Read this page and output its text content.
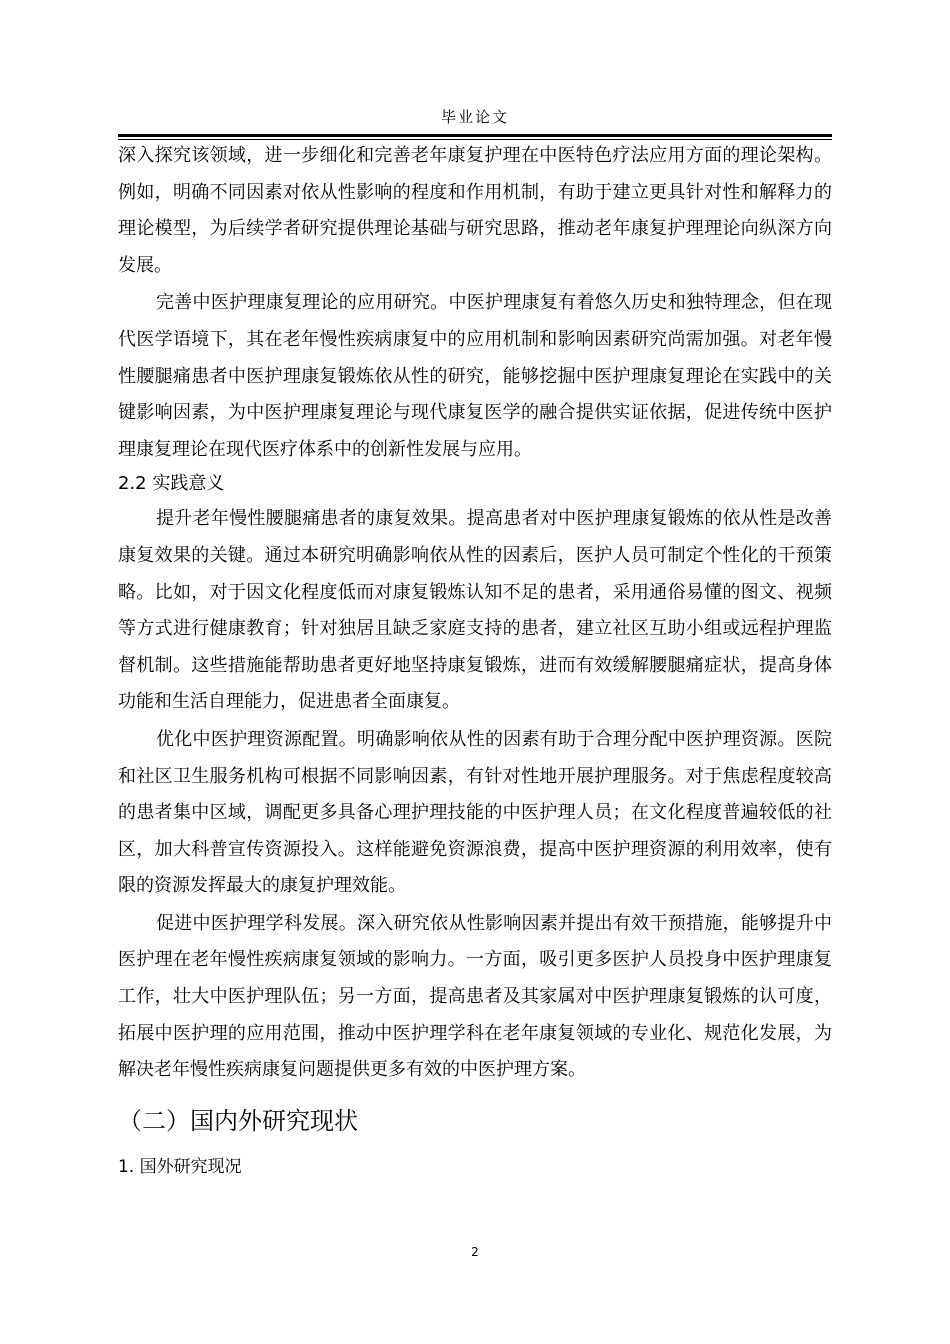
毕业论文

深入探究该领域，进一步细化和完善老年康复护理在中医特色疗法应用方面的理论架构。例如，明确不同因素对依从性影响的程度和作用机制，有助于建立更具针对性和解释力的理论模型，为后续学者研究提供理论基础与研究思路，推动老年康复护理理论向纵深方向发展。

完善中医护理康复理论的应用研究。中医护理康复有着悠久历史和独特理念，但在现代医学语境下，其在老年慢性疾病康复中的应用机制和影响因素研究尚需加强。对老年慢性腰腿痛患者中医护理康复锻炼依从性的研究，能够挖掘中医护理康复理论在实践中的关键影响因素，为中医护理康复理论与现代康复医学的融合提供实证依据，促进传统中医护理康复理论在现代医疗体系中的创新性发展与应用。

2.2 实践意义

提升老年慢性腰腿痛患者的康复效果。提高患者对中医护理康复锻炼的依从性是改善康复效果的关键。通过本研究明确影响依从性的因素后，医护人员可制定个性化的干预策略。比如，对于因文化程度低而对康复锻炼认知不足的患者，采用通俗易懂的图文、视频等方式进行健康教育；针对独居且缺乏家庭支持的患者，建立社区互助小组或远程护理监督机制。这些措施能帮助患者更好地坚持康复锻炼，进而有效缓解腰腿痛症状，提高身体功能和生活自理能力，促进患者全面康复。

优化中医护理资源配置。明确影响依从性的因素有助于合理分配中医护理资源。医院和社区卫生服务机构可根据不同影响因素，有针对性地开展护理服务。对于焦虑程度较高的患者集中区域，调配更多具备心理护理技能的中医护理人员；在文化程度普遍较低的社区，加大科普宣传资源投入。这样能避免资源浪费，提高中医护理资源的利用效率，使有限的资源发挥最大的康复护理效能。

促进中医护理学科发展。深入研究依从性影响因素并提出有效干预措施，能够提升中医护理在老年慢性疾病康复领域的影响力。一方面，吸引更多医护人员投身中医护理康复工作，壮大中医护理队伍；另一方面，提高患者及其家属对中医护理康复锻炼的认可度，拓展中医护理的应用范围，推动中医护理学科在老年康复领域的专业化、规范化发展，为解决老年慢性疾病康复问题提供更多有效的中医护理方案。

（二）国内外研究现状
1. 国外研究现况
2
